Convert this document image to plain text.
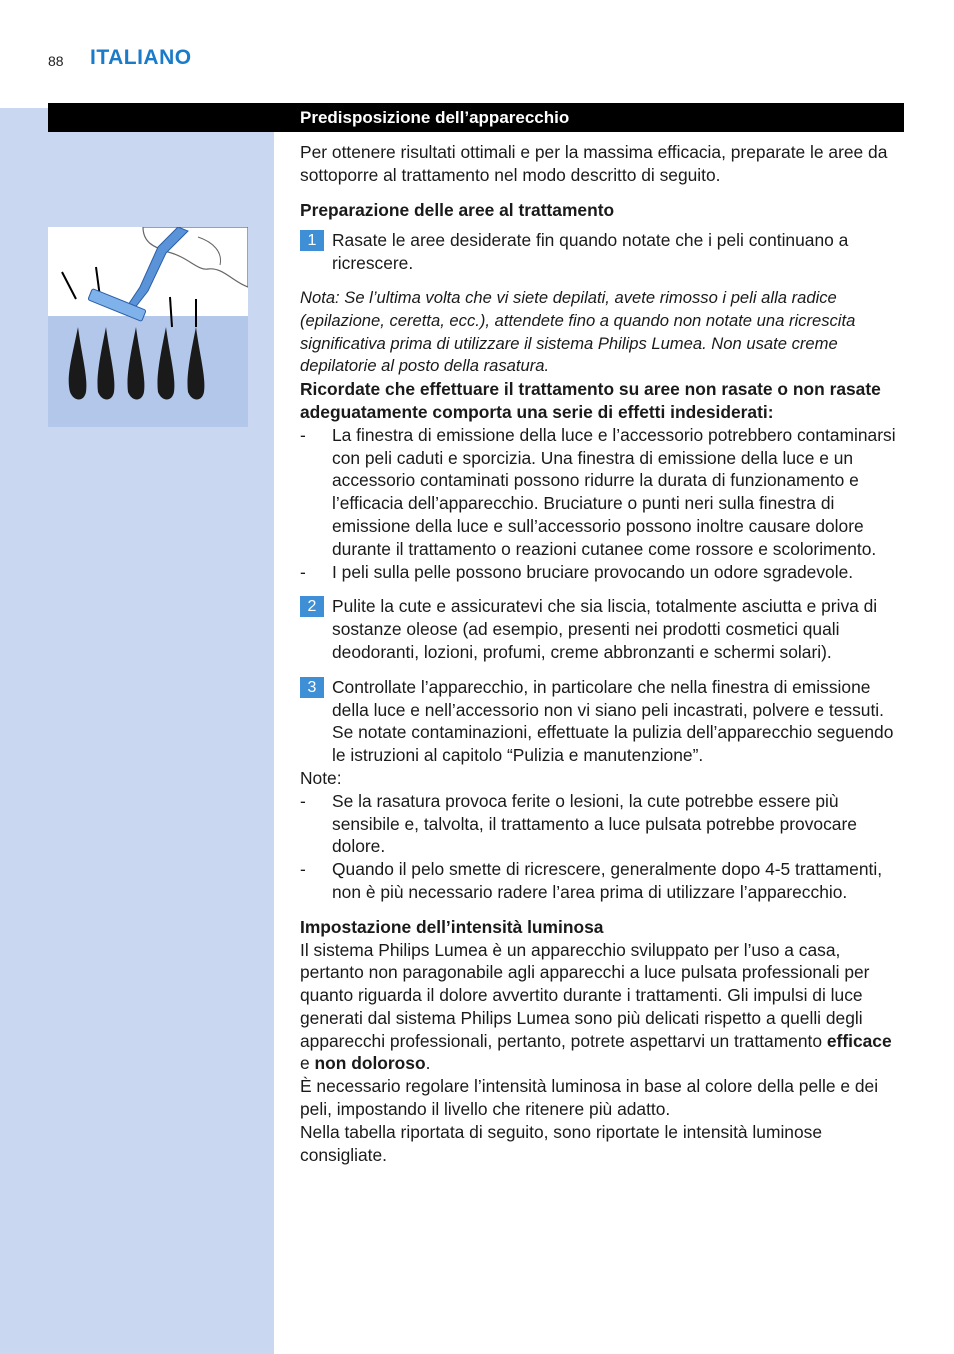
88 ITALIANO
Predisposizione dell’apparecchio

Per ottenere risultati ottimali e per la massima efficacia, preparate le aree da sottoporre al trattamento nel modo descritto di seguito.

Preparazione delle aree al trattamento

1 Rasate le aree desiderate fin quando notate che i peli continuano a ricrescere.

Nota: Se l’ultima volta che vi siete depilati, avete rimosso i peli alla radice (epilazione, ceretta, ecc.), attendete fino a quando non notate una ricrescita significativa prima di utilizzare il sistema Philips Lumea. Non usate creme depilatorie al posto della rasatura.

Ricordate che effettuare il trattamento su aree non rasate o non rasate adeguatamente comporta una serie di effetti indesiderati:

- La finestra di emissione della luce e l’accessorio potrebbero contaminarsi con peli caduti e sporcizia. Una finestra di emissione della luce e un accessorio contaminati possono ridurre la durata di funzionamento e l’efficacia dell’apparecchio. Bruciature o punti neri sulla finestra di emissione della luce e sull’accessorio possono inoltre causare dolore durante il trattamento o reazioni cutanee come rossore e scolorimento.
- I peli sulla pelle possono bruciare provocando un odore sgradevole.
2 Pulite la cute e assicuratevi che sia liscia, totalmente asciutta e priva di sostanze oleose (ad esempio, presenti nei prodotti cosmetici quali deodoranti, lozioni, profumi, creme abbronzanti e schermi solari).
3 Controllate l’apparecchio, in particolare che nella finestra di emissione della luce e nell’accessorio non vi siano peli incastrati, polvere e tessuti. Se notate contaminazioni, effettuate la pulizia dell’apparecchio seguendo le istruzioni al capitolo “Pulizia e manutenzione”.

Note:

- Se la rasatura provoca ferite o lesioni, la cute potrebbe essere più sensibile e, talvolta, il trattamento a luce pulsata potrebbe provocare dolore.
- Quando il pelo smette di ricrescere, generalmente dopo 4-5 trattamenti, non è più necessario radere l’area prima di utilizzare l’apparecchio.

Impostazione dell’intensità luminosa

Il sistema Philips Lumea è un apparecchio sviluppato per l’uso a casa, pertanto non paragonabile agli apparecchi a luce pulsata professionali per quanto riguarda il dolore avvertito durante i trattamenti. Gli impulsi di luce generati dal sistema Philips Lumea sono più delicati rispetto a quelli degli apparecchi professionali, pertanto, potrete aspettarvi un trattamento efficace e non doloroso.

È necessario regolare l’intensità luminosa in base al colore della pelle e dei peli, impostando il livello che ritenere più adatto.

Nella tabella riportata di seguito, sono riportate le intensità luminose consigliate.
